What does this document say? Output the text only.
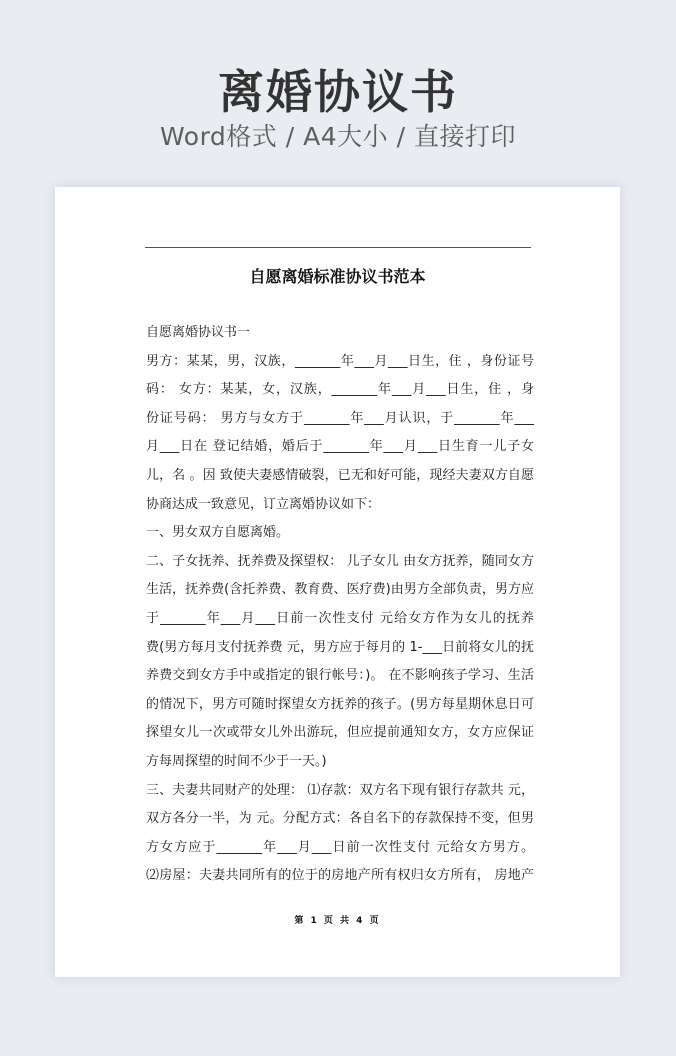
离婚协议书
Word格式 / A4大小 / 直接打印
自愿离婚标准协议书范本
自愿离婚协议书一
男方：某某，男，汉族，_______年___月___日生，住 ，身份证号
码： 女方：某某，女，汉族，_______年___月___日生，住 ，身
份证号码： 男方与女方于_______年___月认识，于_______年___
月___日在 登记结婚，婚后于_______年___月___日生育一儿子女
儿，名 。因 致使夫妻感情破裂，已无和好可能，现经夫妻双方自愿
协商达成一致意见，订立离婚协议如下：
一、男女双方自愿离婚。
二、子女抚养、抚养费及探望权： 儿子女儿 由女方抚养，随同女方
生活，抚养费(含托养费、教育费、医疗费)由男方全部负责，男方应
于_______年___月___日前一次性支付 元给女方作为女儿的抚养
费(男方每月支付抚养费 元，男方应于每月的 1-___日前将女儿的抚
养费交到女方手中或指定的银行帐号：)。 在不影响孩子学习、生活
的情况下，男方可随时探望女方抚养的孩子。(男方每星期休息日可
探望女儿一次或带女儿外出游玩，但应提前通知女方，女方应保证
方每周探望的时间不少于一天。)
三、夫妻共同财产的处理： ⑴存款：双方名下现有银行存款共 元，
双方各分一半，为 元。分配方式：各自名下的存款保持不变，但男
方女方应于_______年___月___日前一次性支付 元给女方男方。
⑵房屋：夫妻共同所有的位于的房地产所有权归女方所有， 房地产
第 1 页 共 4 页
